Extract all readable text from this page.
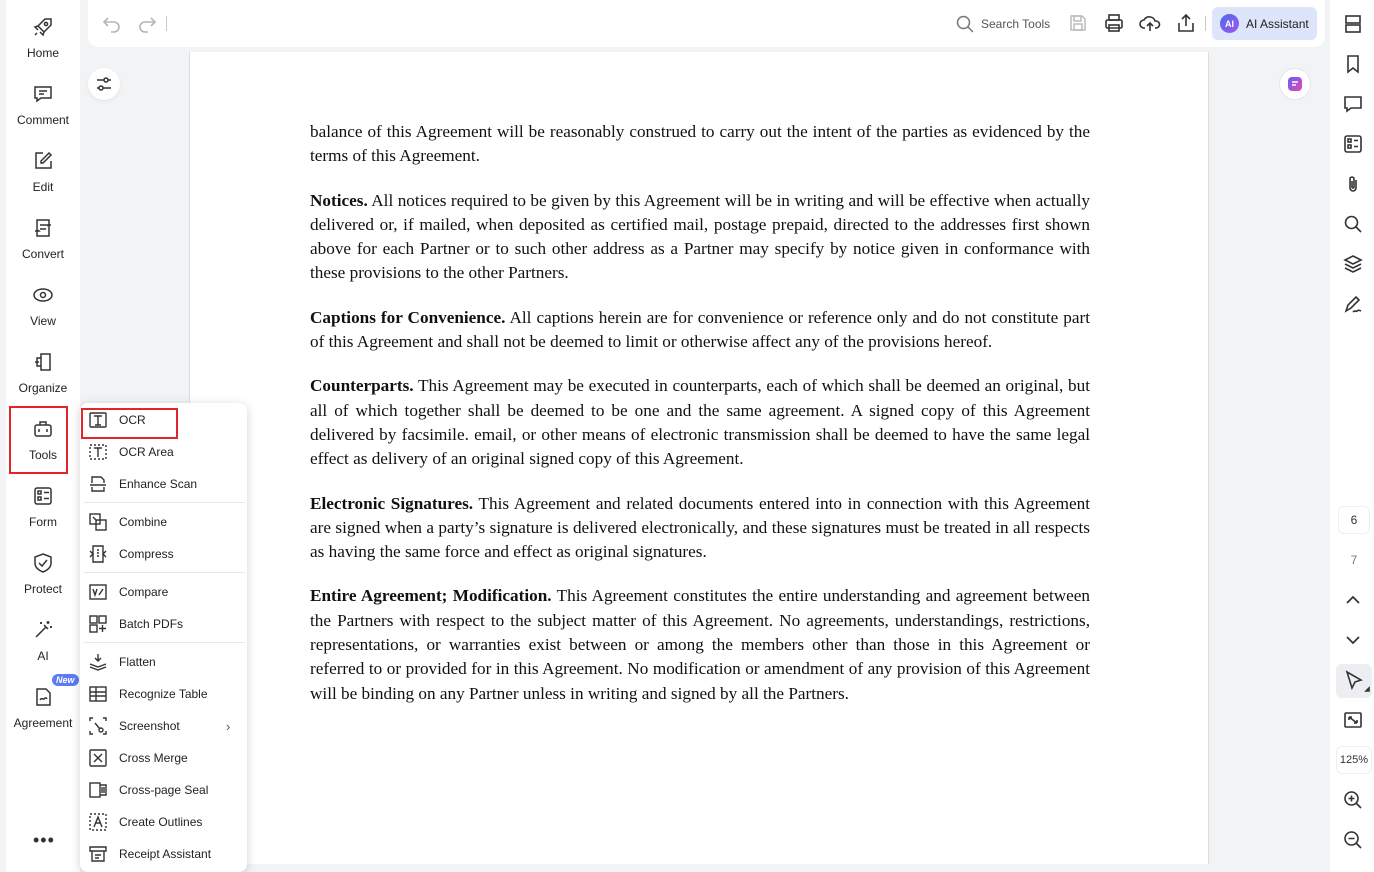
Home
Comment
Edit
Convert
View
Organize
Tools
Form
Protect
AI
Agreement
New
•••
Search Tools	AI	AI Assistant

balance of this Agreement will be reasonably construed to carry out the intent of the parties as evidenced by the terms of this Agreement.

Notices. All notices required to be given by this Agreement will be in writing and will be effective when actually delivered or, if mailed, when deposited as certified mail, postage prepaid, directed to the addresses first shown above for each Partner or to such other address as a Partner may specify by notice given in conformance with these provisions to the other Partners.

Captions for Convenience. All captions herein are for convenience or reference only and do not constitute part of this Agreement and shall not be deemed to limit or otherwise affect any of the provisions hereof.

Counterparts. This Agreement may be executed in counterparts, each of which shall be deemed an original, but all of which together shall be deemed to be one and the same agreement. A signed copy of this Agreement delivered by facsimile. email, or other means of electronic transmission shall be deemed to have the same legal effect as delivery of an original signed copy of this Agreement.

Electronic Signatures. This Agreement and related documents entered into in connection with this Agreement are signed when a party’s signature is delivered electronically, and these signatures must be treated in all respects as having the same force and effect as original signatures.

Entire Agreement; Modification. This Agreement constitutes the entire understanding and agreement between the Partners with respect to the subject matter of this Agreement. No agreements, understandings, restrictions, representations, or warranties exist between or among the members other than those in this Agreement or referred to or provided for in this Agreement. No modification or amendment of any provision of this Agreement will be binding on any Partner unless in writing and signed by all the Partners.

6
7
125%
OCR
OCR Area
Enhance Scan
Combine
Compress
Compare
Batch PDFs
Flatten
Recognize Table
Screenshot	›
Cross Merge
Cross-page Seal
Create Outlines
Receipt Assistant
